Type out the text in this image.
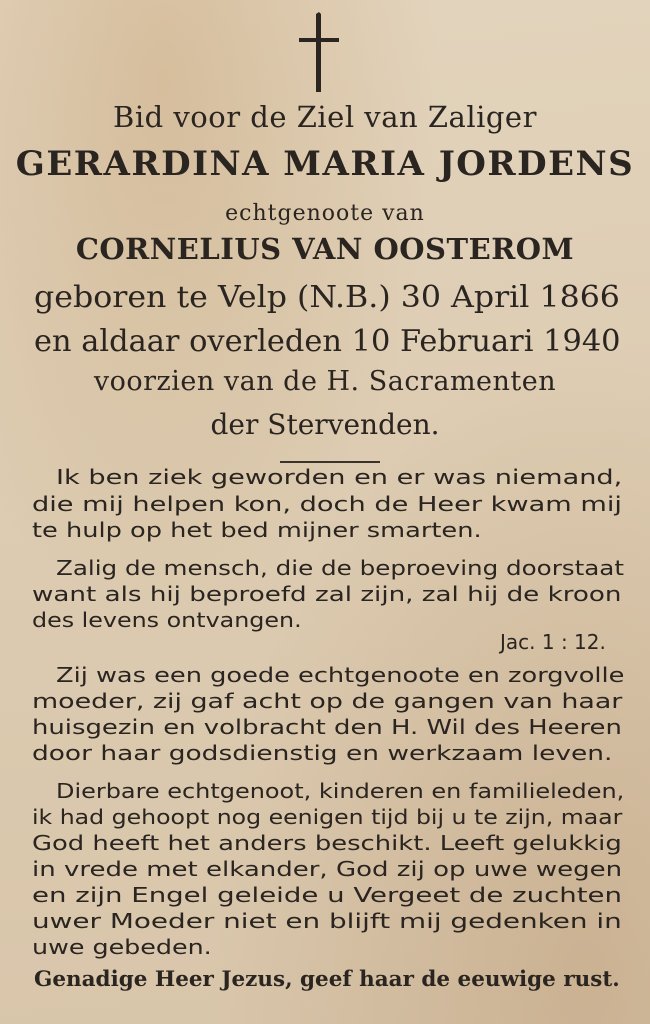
Bid voor de Ziel van Zaliger
GERARDINA MARIA JORDENS
echtgenoote van
CORNELIUS VAN OOSTEROM
geboren te Velp (N.B.) 30 April 1866
en aldaar overleden 10 Februari 1940
voorzien van de H. Sacramenten
der Stervenden.
Ik ben ziek geworden en er was niemand,
die mij helpen kon, doch de Heer kwam mij
te hulp op het bed mijner smarten.
Zalig de mensch, die de beproeving doorstaat
want als hij beproefd zal zijn, zal hij de kroon
des levens ontvangen.
Jac. 1 : 12.
Zij was een goede echtgenoote en zorgvolle
moeder, zij gaf acht op de gangen van haar
huisgezin en volbracht den H. Wil des Heeren
door haar godsdienstig en werkzaam leven.
Dierbare echtgenoot, kinderen en familieleden,
ik had gehoopt nog eenigen tijd bij u te zijn, maar
God heeft het anders beschikt. Leeft gelukkig
in vrede met elkander, God zij op uwe wegen
en zijn Engel geleide u Vergeet de zuchten
uwer Moeder niet en blijft mij gedenken in
uwe gebeden.
Genadige Heer Jezus, geef haar de eeuwige rust.
